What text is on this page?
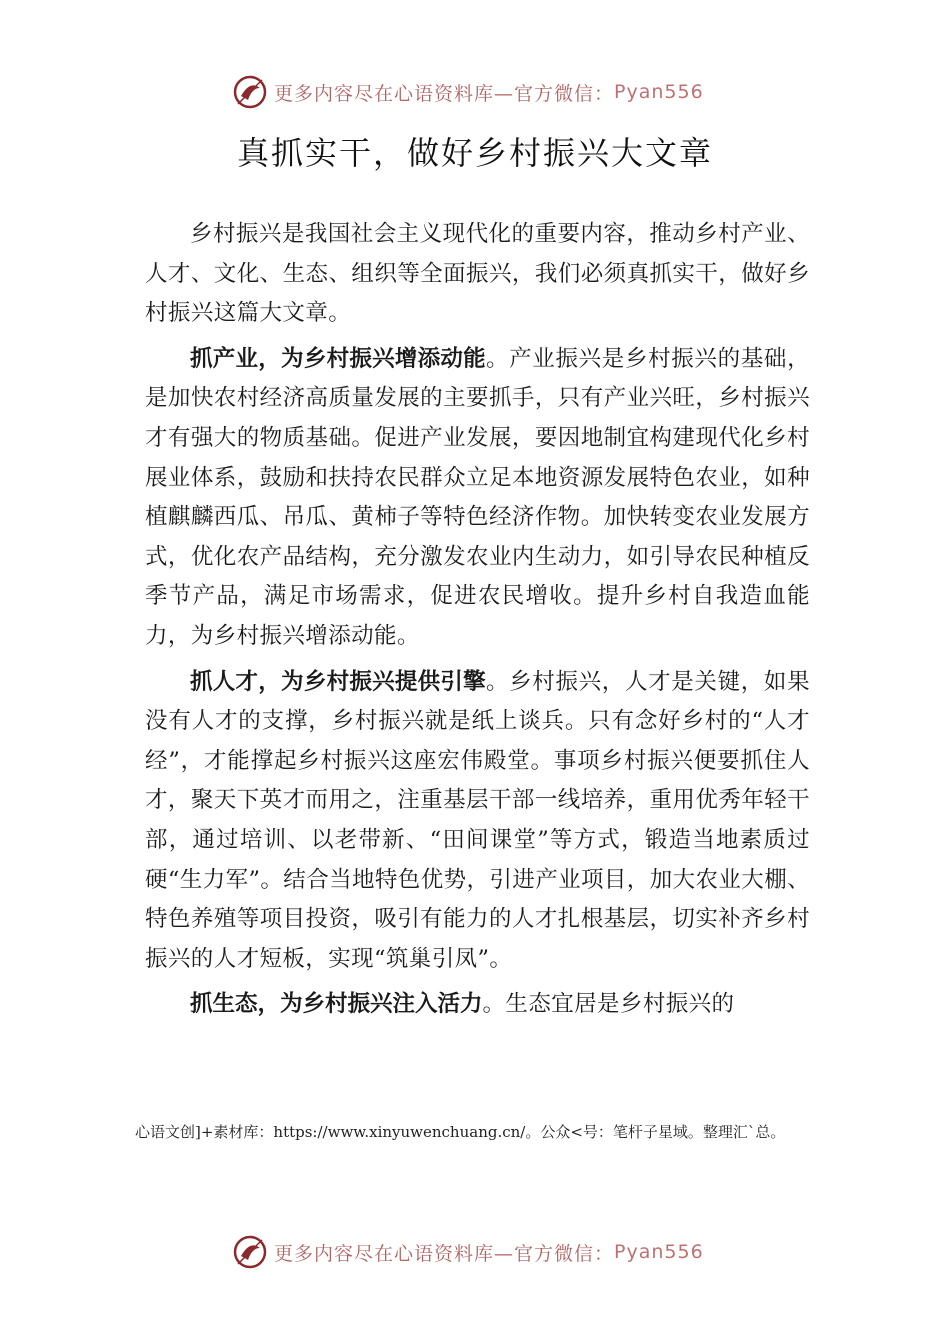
更多内容尽在心语资料库—官方微信： Pyan556
真抓实干，做好乡村振兴大文章

乡村振兴是我国社会主义现代化的重要内容，推动乡村产业、人才、文化、生态、组织等全面振兴，我们必须真抓实干，做好乡村振兴这篇大文章。

抓产业，为乡村振兴增添动能。产业振兴是乡村振兴的基础，是加快农村经济高质量发展的主要抓手，只有产业兴旺，乡村振兴才有强大的物质基础。促进产业发展，要因地制宜构建现代化乡村展业体系，鼓励和扶持农民群众立足本地资源发展特色农业，如种植麒麟西瓜、吊瓜、黄柿子等特色经济作物。加快转变农业发展方式，优化农产品结构，充分激发农业内生动力，如引导农民种植反季节产品，满足市场需求，促进农民增收。提升乡村自我造血能力，为乡村振兴增添动能。

抓人才，为乡村振兴提供引擎。乡村振兴，人才是关键，如果没有人才的支撑，乡村振兴就是纸上谈兵。只有念好乡村的“人才经”，才能撑起乡村振兴这座宏伟殿堂。事项乡村振兴便要抓住人才，聚天下英才而用之，注重基层干部一线培养，重用优秀年轻干部，通过培训、以老带新、“田间课堂”等方式，锻造当地素质过硬“生力军”。结合当地特色优势，引进产业项目，加大农业大棚、特色养殖等项目投资，吸引有能力的人才扎根基层，切实补齐乡村振兴的人才短板，实现“筑巢引凤”。

抓生态，为乡村振兴注入活力。生态宜居是乡村振兴的

心语文创]+素材库：https://www.xinyuwenchuang.cn/。公众<号：笔杆子星域。整理汇`总。
更多内容尽在心语资料库—官方微信： Pyan556
